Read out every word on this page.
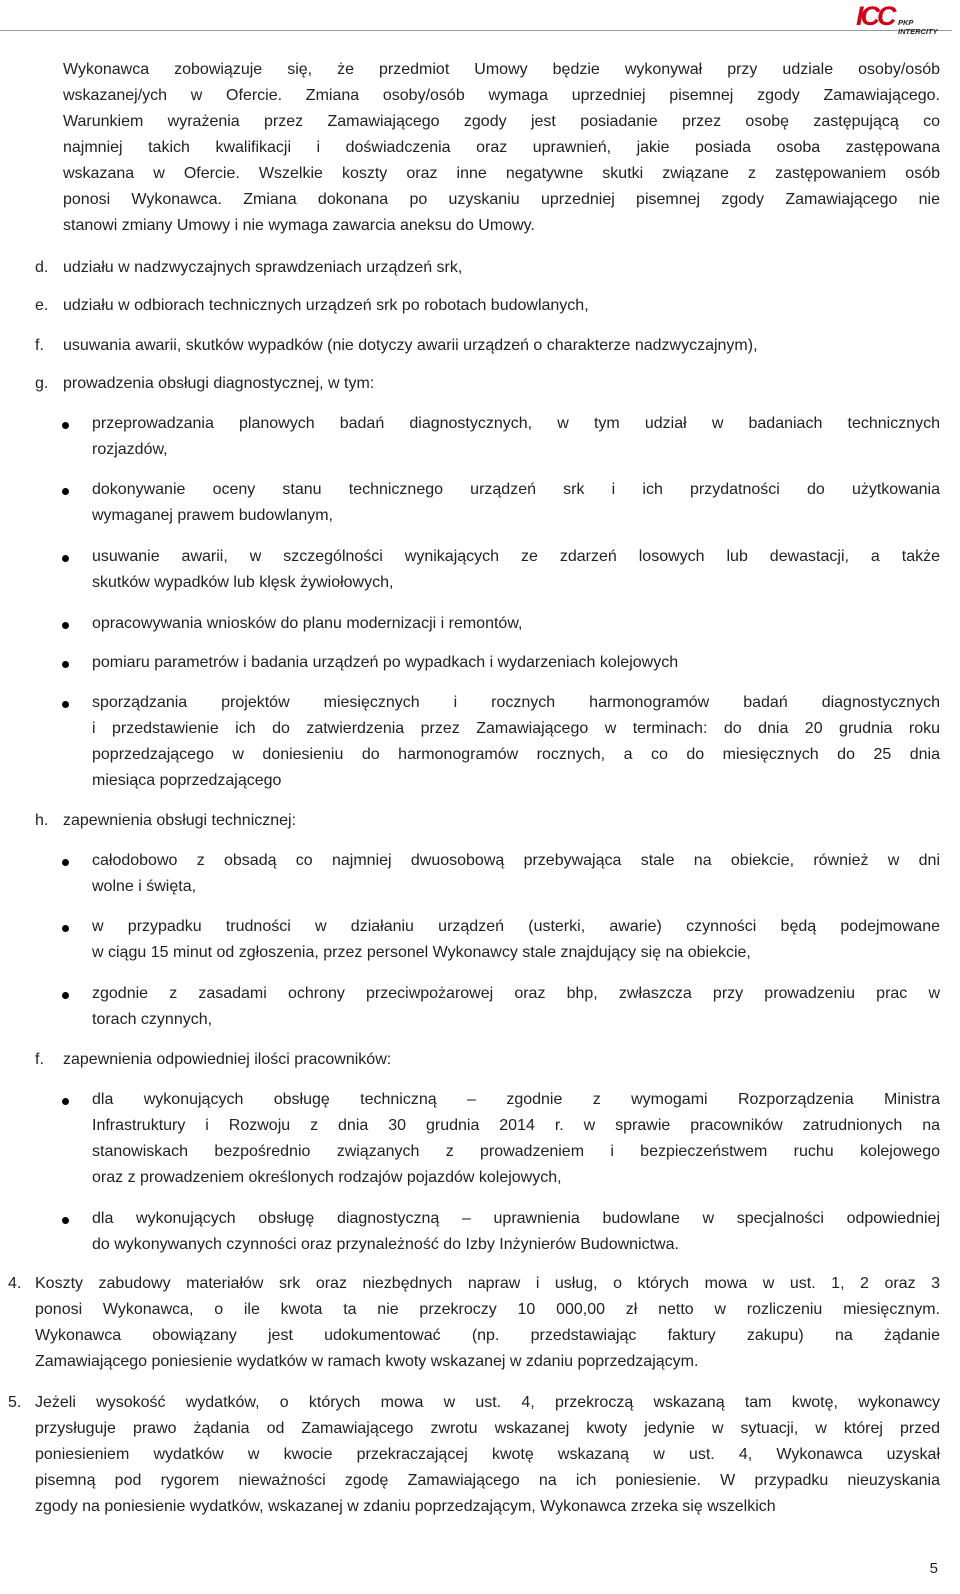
ICC PKP INTERCITY
Wykonawca zobowiązuje się, że przedmiot Umowy będzie wykonywał przy udziale osoby/osób
wskazanej/ych w Ofercie. Zmiana osoby/osób wymaga uprzedniej pisemnej zgody Zamawiającego.
Warunkiem wyrażenia przez Zamawiającego zgody jest posiadanie przez osobę zastępującą co
najmniej takich kwalifikacji i doświadczenia oraz uprawnień, jakie posiada osoba zastępowana
wskazana w Ofercie. Wszelkie koszty oraz inne negatywne skutki związane z zastępowaniem osób
ponosi Wykonawca. Zmiana dokonana po uzyskaniu uprzedniej pisemnej zgody Zamawiającego nie
stanowi zmiany Umowy i nie wymaga zawarcia aneksu do Umowy.
d. udziału w nadzwyczajnych sprawdzeniach urządzeń srk,
e. udziału w odbiorach technicznych urządzeń srk po robotach budowlanych,
f.	usuwania awarii, skutków wypadków (nie dotyczy awarii urządzeń o charakterze nadzwyczajnym),
g. prowadzenia obsługi diagnostycznej, w tym:
przeprowadzania planowych badań diagnostycznych, w tym udział w badaniach technicznych
rozjazdów,
dokonywanie oceny stanu technicznego urządzeń srk i ich przydatności do użytkowania
wymaganej prawem budowlanym,
usuwanie awarii, w szczególności wynikających ze zdarzeń losowych lub dewastacji, a także
skutków wypadków lub klęsk żywiołowych,
opracowywania wniosków do planu modernizacji i remontów,
pomiaru parametrów i badania urządzeń po wypadkach i wydarzeniach kolejowych
sporządzania projektów miesięcznych i rocznych harmonogramów badań diagnostycznych
i przedstawienie ich do zatwierdzenia przez Zamawiającego w terminach: do dnia 20 grudnia roku
poprzedzającego w doniesieniu do harmonogramów rocznych, a co do miesięcznych do 25 dnia
miesiąca poprzedzającego
h. zapewnienia obsługi technicznej:
całodobowo z obsadą co najmniej dwuosobową przebywająca stale na obiekcie, również w dni
wolne i święta,
w przypadku trudności w działaniu urządzeń (usterki, awarie) czynności będą podejmowane
w ciągu 15 minut od zgłoszenia, przez personel Wykonawcy stale znajdujący się na obiekcie,
zgodnie z zasadami ochrony przeciwpożarowej oraz bhp, zwłaszcza przy prowadzeniu prac w
torach czynnych,
f.	zapewnienia odpowiedniej ilości pracowników:
dla wykonujących obsługę techniczną – zgodnie z wymogami Rozporządzenia Ministra
Infrastruktury i Rozwoju z dnia 30 grudnia 2014 r. w sprawie pracowników zatrudnionych na
stanowiskach bezpośrednio związanych z prowadzeniem i bezpieczeństwem ruchu kolejowego
oraz z prowadzeniem określonych rodzajów pojazdów kolejowych,
dla wykonujących obsługę diagnostyczną – uprawnienia budowlane w specjalności odpowiedniej
do wykonywanych czynności oraz przynależność do Izby Inżynierów Budownictwa.
4. Koszty zabudowy materiałów srk oraz niezbędnych napraw i usług, o których mowa w ust. 1, 2 oraz 3
ponosi Wykonawca, o ile kwota ta nie przekroczy 10 000,00 zł netto w rozliczeniu miesięcznym.
Wykonawca obowiązany jest udokumentować (np. przedstawiając faktury zakupu) na żądanie
Zamawiającego poniesienie wydatków w ramach kwoty wskazanej w zdaniu poprzedzającym.
5. Jeżeli wysokość wydatków, o których mowa w ust. 4, przekroczą wskazaną tam kwotę, wykonawcy
przysługuje prawo żądania od Zamawiającego zwrotu wskazanej kwoty jedynie w sytuacji, w której przed
poniesieniem wydatków w kwocie przekraczającej kwotę wskazaną w ust. 4, Wykonawca uzyskał
pisemną pod rygorem nieważności zgodę Zamawiającego na ich poniesienie. W przypadku nieuzyskania
zgody na poniesienie wydatków, wskazanej w zdaniu poprzedzającym, Wykonawca zrzeka się wszelkich
5
